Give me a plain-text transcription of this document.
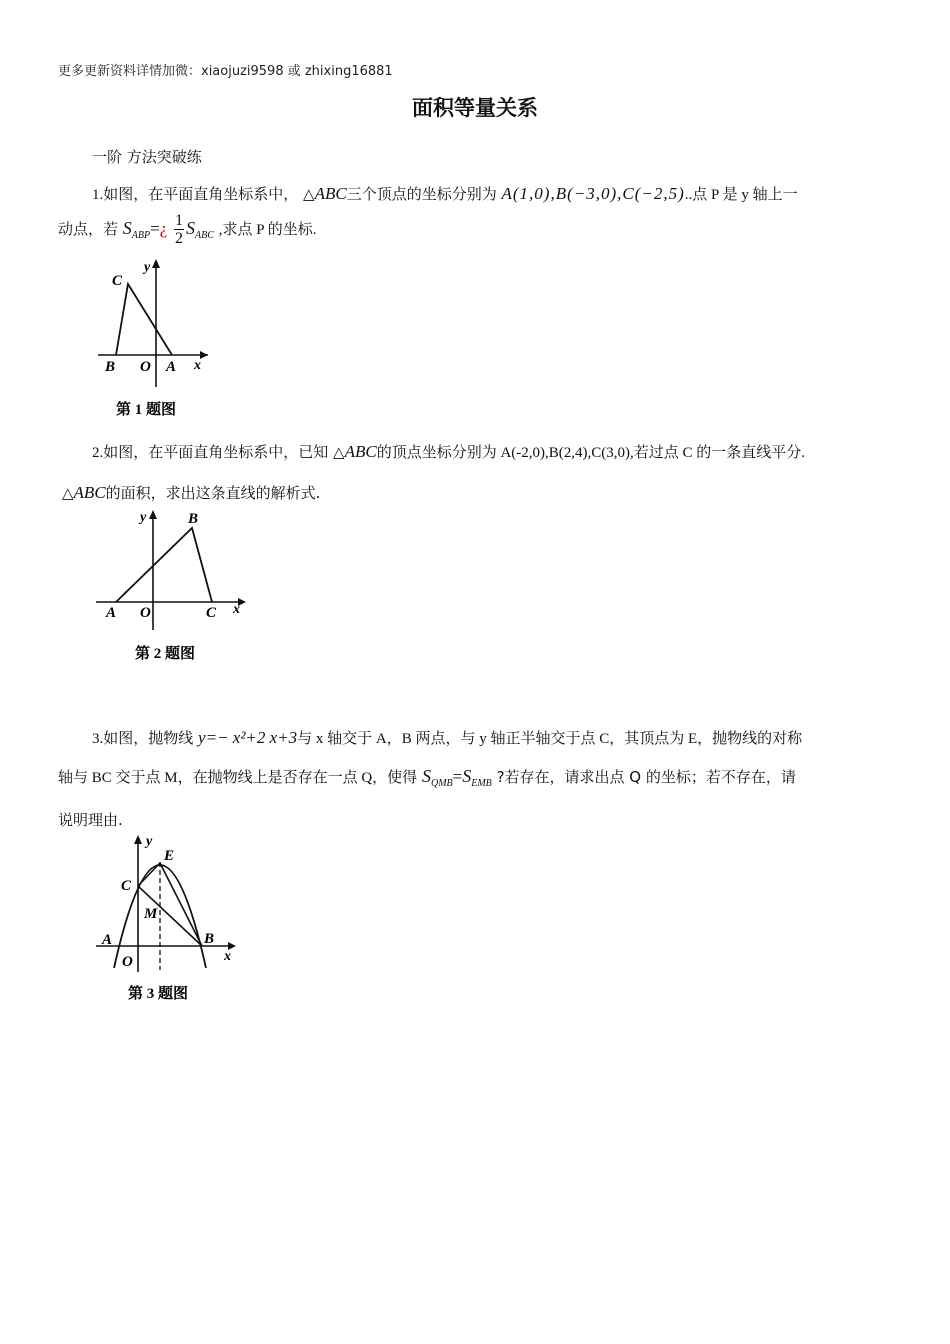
更多更新资料详情加微：xiaojuzi9598 或 zhixing16881
面积等量关系
一阶 方法突破练
1.如图，在平面直角坐标系中， △ABC三个顶点的坐标分别为 A(1,0),B(−3,0),C(−2,5)..点 P 是 y 轴上一
动点，若 $S_{ABP}=¿ \frac{1}{2} S_{ABC}$ ,求点 P 的坐标.
C
y
B O A x
第 1 题图
2.如图，在平面直角坐标系中，已知 △ABC的顶点坐标分别为 A(-2,0),B(2,4),C(3,0),若过点 C 的一条直线平分.
△ABC的面积，求出这条直线的解析式.
y	B
A O	C x
第 2 题图
3.如图，抛物线 y=− x²+2 x+3与 x 轴交于 A，B 两点，与 y 轴正半轴交于点 C，其顶点为 E，抛物线的对称
轴与 BC 交于点 M，在抛物线上是否存在一点 Q，使得 $S_{QMB}=S_{EMB}$ ?若存在，请求出点 Q 的坐标；若不存在，请
说明理由.
y
E
C
M
A	B
O	x
第 3 题图
